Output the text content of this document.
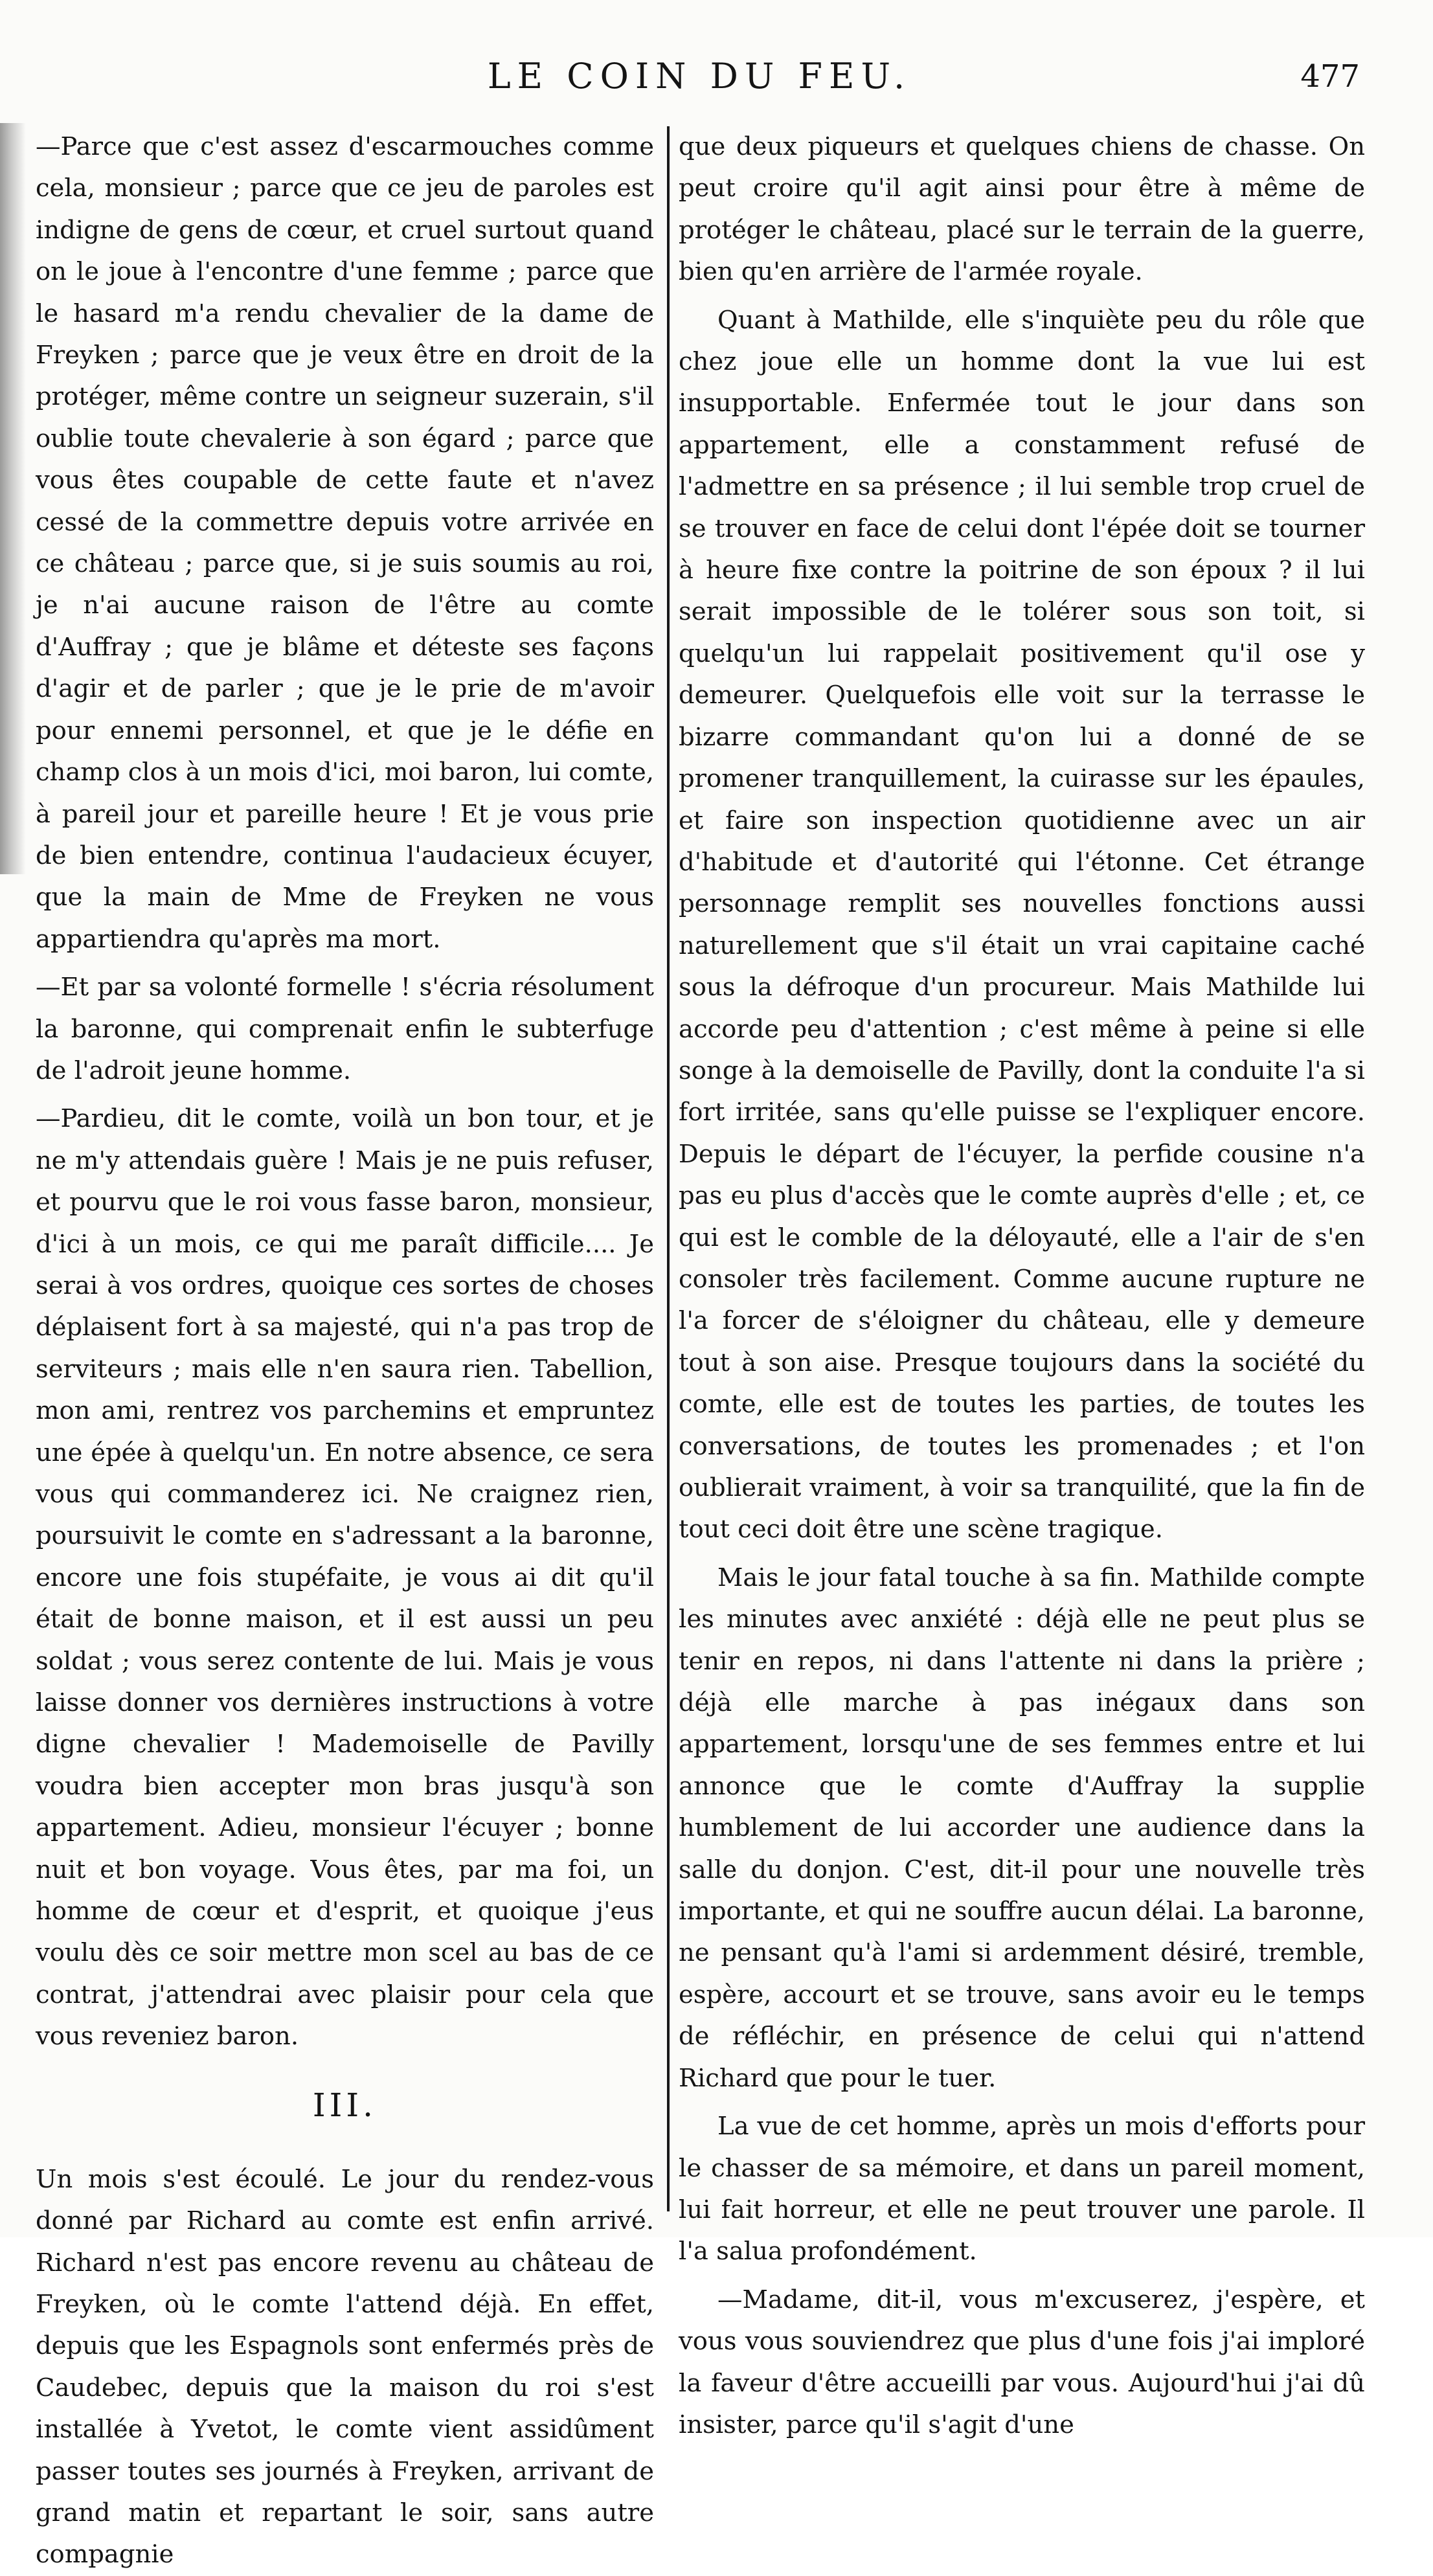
LE COIN DU FEU.	477

—Parce que c'est assez d'escarmouches comme cela, monsieur ; parce que ce jeu de paroles est indigne de gens de cœur, et cruel surtout quand on le joue à l'encontre d'une femme ; parce que le hasard m'a rendu chevalier de la dame de Freyken ; parce que je veux être en droit de la protéger, même contre un seigneur suzerain, s'il oublie toute chevalerie à son égard ; parce que vous êtes coupable de cette faute et n'avez cessé de la commettre depuis votre arrivée en ce château ; parce que, si je suis soumis au roi, je n'ai aucune raison de l'être au comte d'Auffray ; que je blâme et déteste ses façons d'agir et de parler ; que je le prie de m'avoir pour ennemi personnel, et que je le défie en champ clos à un mois d'ici, moi baron, lui comte, à pareil jour et pareille heure ! Et je vous prie de bien entendre, continua l'audacieux écuyer, que la main de Mme de Freyken ne vous appartiendra qu'après ma mort.

—Et par sa volonté formelle ! s'écria résolument la baronne, qui comprenait enfin le subterfuge de l'adroit jeune homme.

—Pardieu, dit le comte, voilà un bon tour, et je ne m'y attendais guère ! Mais je ne puis refuser, et pourvu que le roi vous fasse baron, monsieur, d'ici à un mois, ce qui me paraît difficile.... Je serai à vos ordres, quoique ces sortes de choses déplaisent fort à sa majesté, qui n'a pas trop de serviteurs ; mais elle n'en saura rien. Tabellion, mon ami, rentrez vos parchemins et empruntez une épée à quelqu'un. En notre absence, ce sera vous qui commanderez ici. Ne craignez rien, poursuivit le comte en s'adressant a la baronne, encore une fois stupéfaite, je vous ai dit qu'il était de bonne maison, et il est aussi un peu soldat ; vous serez contente de lui. Mais je vous laisse donner vos dernières instructions à votre digne chevalier ! Mademoiselle de Pavilly voudra bien accepter mon bras jusqu'à son appartement. Adieu, monsieur l'écuyer ; bonne nuit et bon voyage. Vous êtes, par ma foi, un homme de cœur et d'esprit, et quoique j'eus voulu dès ce soir mettre mon scel au bas de ce contrat, j'attendrai avec plaisir pour cela que vous reveniez baron.

III.

Un mois s'est écoulé. Le jour du rendez-vous donné par Richard au comte est enfin arrivé. Richard n'est pas encore revenu au château de Freyken, où le comte l'attend déjà. En effet, depuis que les Espagnols sont enfermés près de Caudebec, depuis que la maison du roi s'est installée à Yvetot, le comte vient assidûment passer toutes ses journés à Freyken, arrivant de grand matin et repartant le soir, sans autre compagnie

que deux piqueurs et quelques chiens de chasse. On peut croire qu'il agit ainsi pour être à même de protéger le château, placé sur le terrain de la guerre, bien qu'en arrière de l'armée royale.

Quant à Mathilde, elle s'inquiète peu du rôle que chez joue elle un homme dont la vue lui est insupportable. Enfermée tout le jour dans son appartement, elle a constamment refusé de l'admettre en sa présence ; il lui semble trop cruel de se trouver en face de celui dont l'épée doit se tourner à heure fixe contre la poitrine de son époux ? il lui serait impossible de le tolérer sous son toit, si quelqu'un lui rappelait positivement qu'il ose y demeurer. Quelquefois elle voit sur la terrasse le bizarre commandant qu'on lui a donné de se promener tranquillement, la cuirasse sur les épaules, et faire son inspection quotidienne avec un air d'habitude et d'autorité qui l'étonne. Cet étrange personnage remplit ses nouvelles fonctions aussi naturellement que s'il était un vrai capitaine caché sous la défroque d'un procureur. Mais Mathilde lui accorde peu d'attention ; c'est même à peine si elle songe à la demoiselle de Pavilly, dont la conduite l'a si fort irritée, sans qu'elle puisse se l'expliquer encore. Depuis le départ de l'écuyer, la perfide cousine n'a pas eu plus d'accès que le comte auprès d'elle ; et, ce qui est le comble de la déloyauté, elle a l'air de s'en consoler très facilement. Comme aucune rupture ne l'a forcer de s'éloigner du château, elle y demeure tout à son aise. Presque toujours dans la société du comte, elle est de toutes les parties, de toutes les conversations, de toutes les promenades ; et l'on oublierait vraiment, à voir sa tranquilité, que la fin de tout ceci doit être une scène tragique.

Mais le jour fatal touche à sa fin. Mathilde compte les minutes avec anxiété : déjà elle ne peut plus se tenir en repos, ni dans l'attente ni dans la prière ; déjà elle marche à pas inégaux dans son appartement, lorsqu'une de ses femmes entre et lui annonce que le comte d'Auffray la supplie humblement de lui accorder une audience dans la salle du donjon. C'est, dit-il pour une nouvelle très importante, et qui ne souffre aucun délai. La baronne, ne pensant qu'à l'ami si ardemment désiré, tremble, espère, accourt et se trouve, sans avoir eu le temps de réfléchir, en présence de celui qui n'attend Richard que pour le tuer.

La vue de cet homme, après un mois d'efforts pour le chasser de sa mémoire, et dans un pareil moment, lui fait horreur, et elle ne peut trouver une parole. Il l'a salua profondément.

—Madame, dit-il, vous m'excuserez, j'espère, et vous vous souviendrez que plus d'une fois j'ai imploré la faveur d'être accueilli par vous. Aujourd'hui j'ai dû insister, parce qu'il s'agit d'une
